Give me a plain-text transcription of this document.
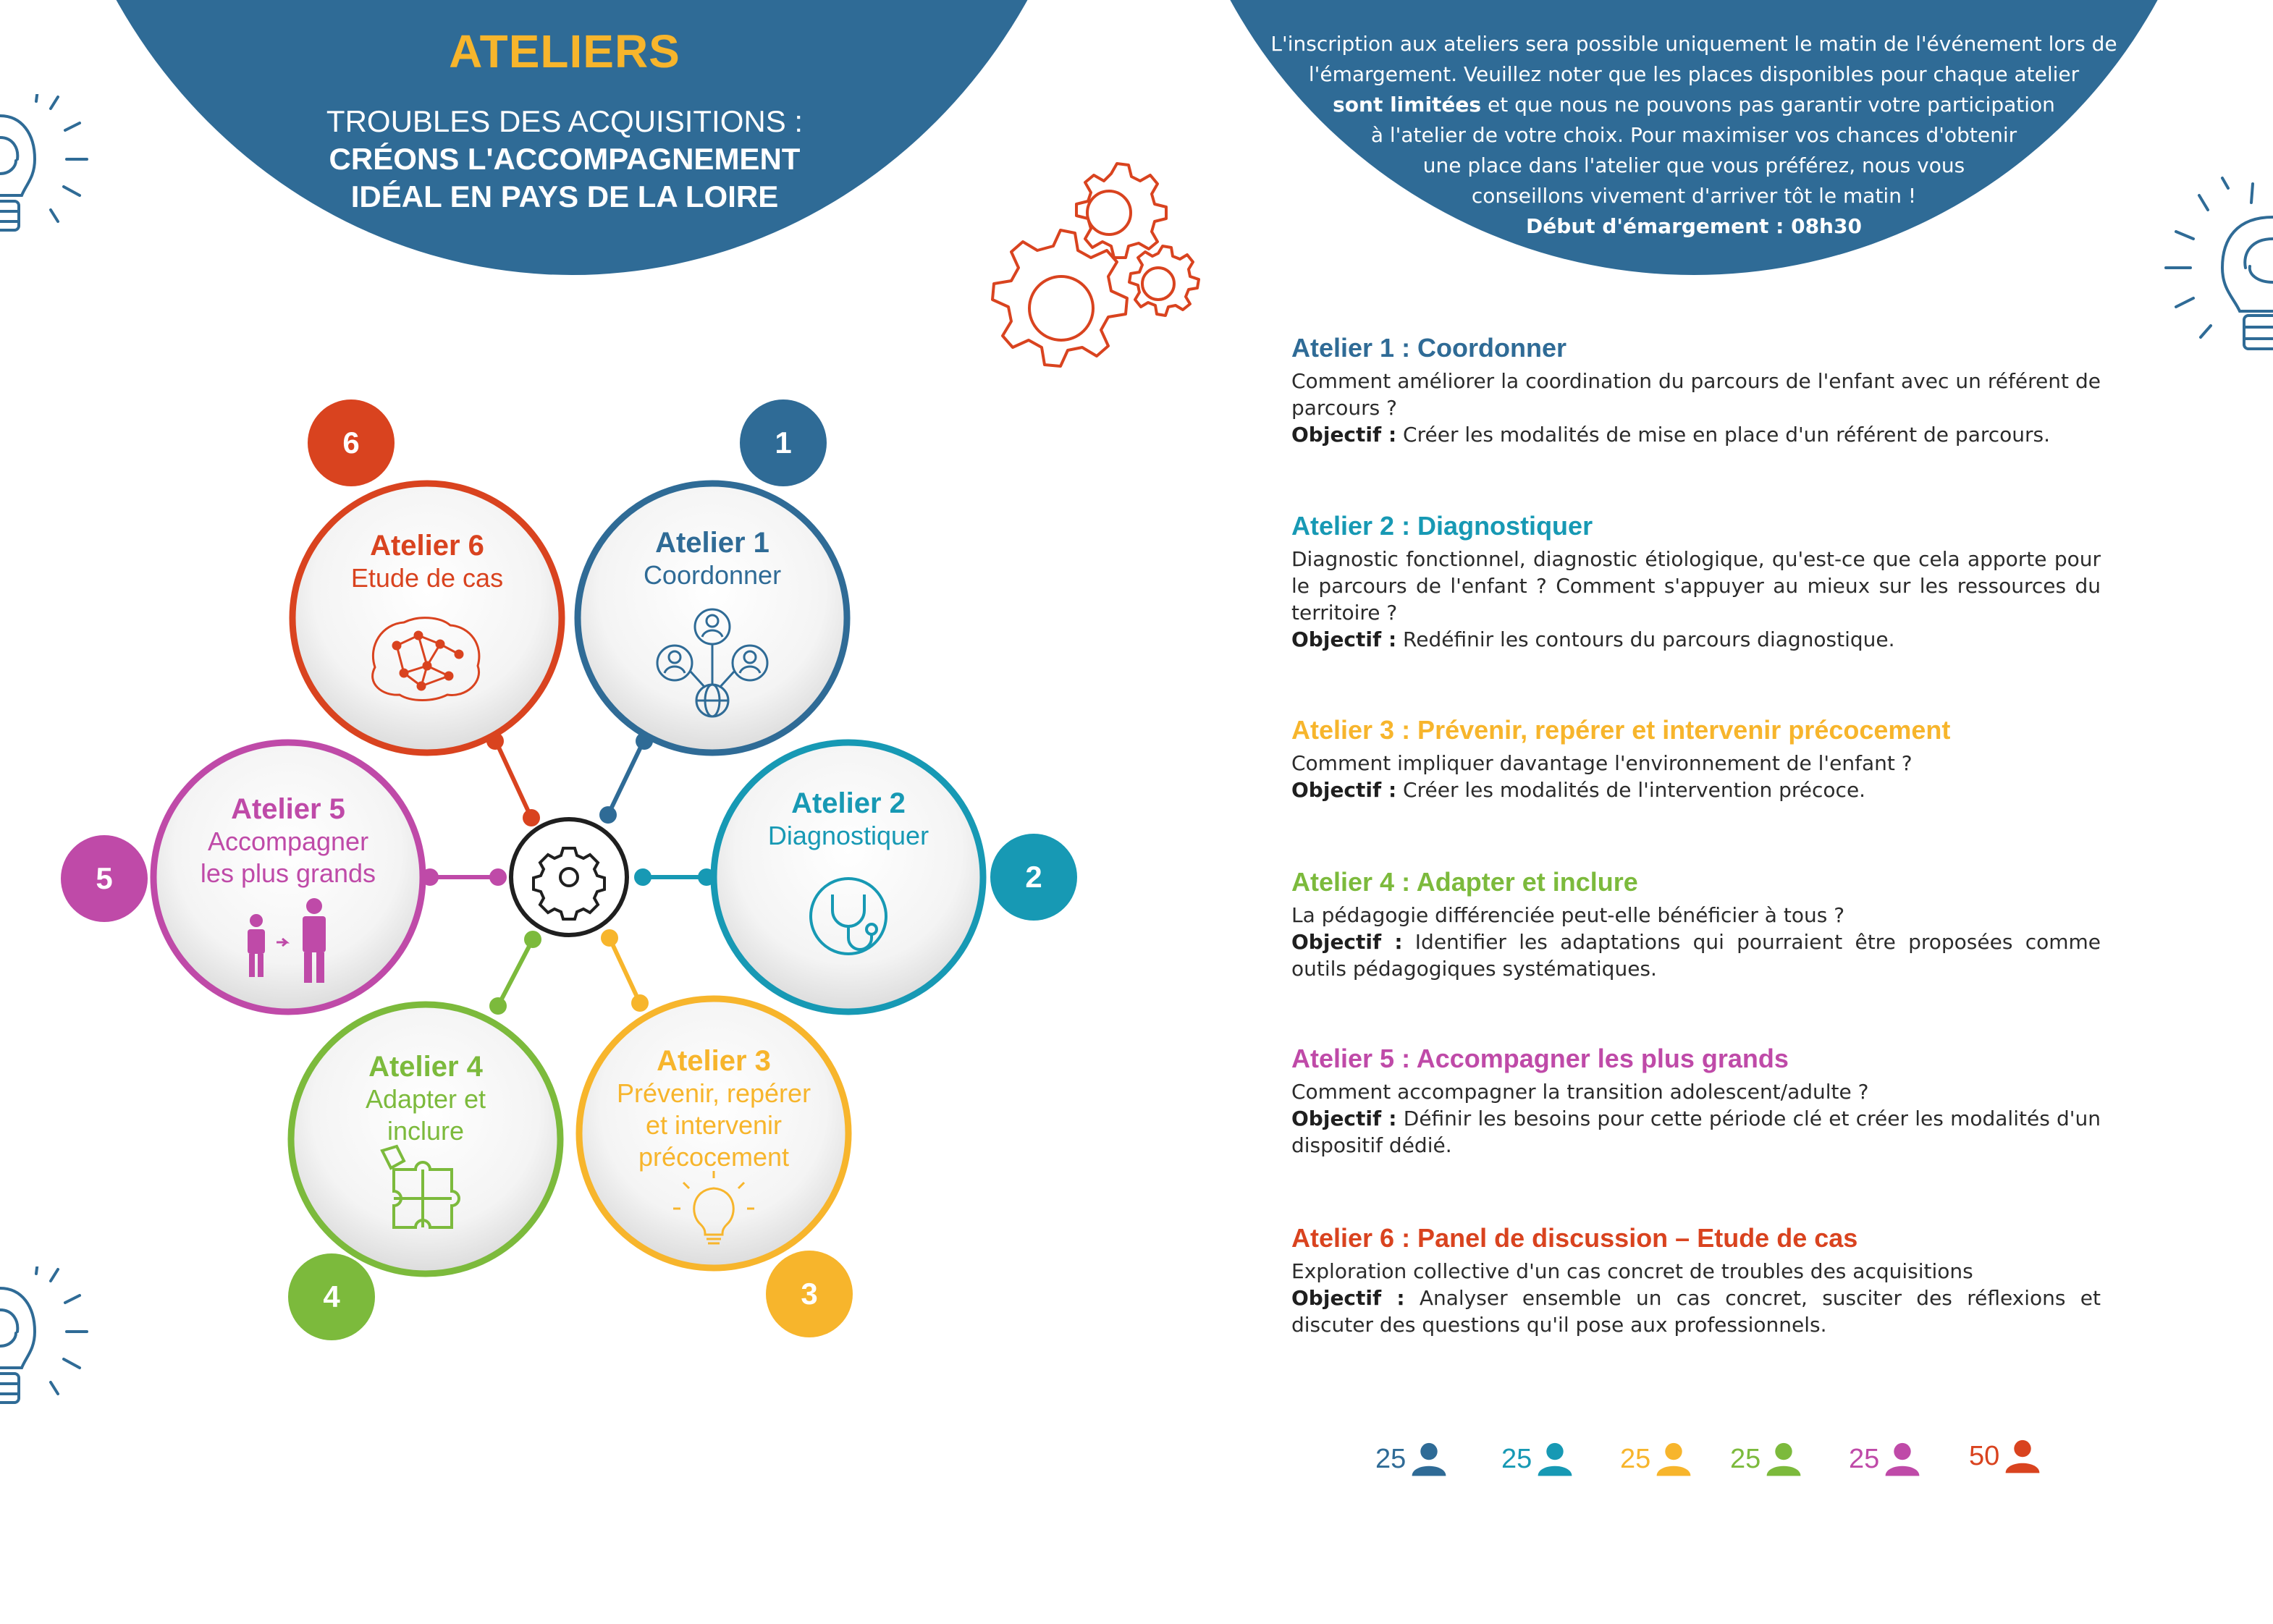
ATELIERS
TROUBLES DES ACQUISITIONS :
CRÉONS L'ACCOMPAGNEMENT
IDÉAL EN PAYS DE LA LOIRE
L'inscription aux ateliers sera possible uniquement le matin de l'événement lors de
l'émargement. Veuillez noter que les places disponibles pour chaque atelier
sont limitées et que nous ne pouvons pas garantir votre participation
à l'atelier de votre choix. Pour maximiser vos chances d'obtenir
une place dans l'atelier que vous préférez, nous vous
conseillons vivement d'arriver tôt le matin !
Début d'émargement : 08h30
Atelier 6
Etude de cas
Atelier 1
Coordonner
Atelier 2
Diagnostiquer
Atelier 5
Accompagner
les plus grands
Atelier 4
Adapter et
inclure
Atelier 3
Prévenir, repérer
et intervenir
précocement
6	1
2
5
4	3
Atelier 1 : Coordonner
Comment améliorer la coordination du parcours de l'enfant avec un référent de parcours ?
Objectif : Créer les modalités de mise en place d'un référent de parcours.
Atelier 2 : Diagnostiquer
Diagnostic fonctionnel, diagnostic étiologique, qu'est-ce que cela apporte pour le parcours de l'enfant ? Comment s'appuyer au mieux sur les ressources du territoire ?
Objectif : Redéfinir les contours du parcours diagnostique.
Atelier 3 : Prévenir, repérer et intervenir précocement
Comment impliquer davantage l'environnement de l'enfant ?
Objectif : Créer les modalités de l'intervention précoce.
Atelier 4 : Adapter et inclure
La pédagogie différenciée peut-elle bénéficier à tous ?
Objectif : Identifier les adaptations qui pourraient être proposées comme outils pédagogiques systématiques.
Atelier 5 : Accompagner les plus grands
Comment accompagner la transition adolescent/adulte ?
Objectif : Définir les besoins pour cette période clé et créer les modalités d'un dispositif dédié.
Atelier 6 : Panel de discussion – Etude de cas
Exploration collective d'un cas concret de troubles des acquisitions
Objectif : Analyser ensemble un cas concret, susciter des réflexions et discuter des questions qu'il pose aux professionnels.
25	25	25	25	25	50
